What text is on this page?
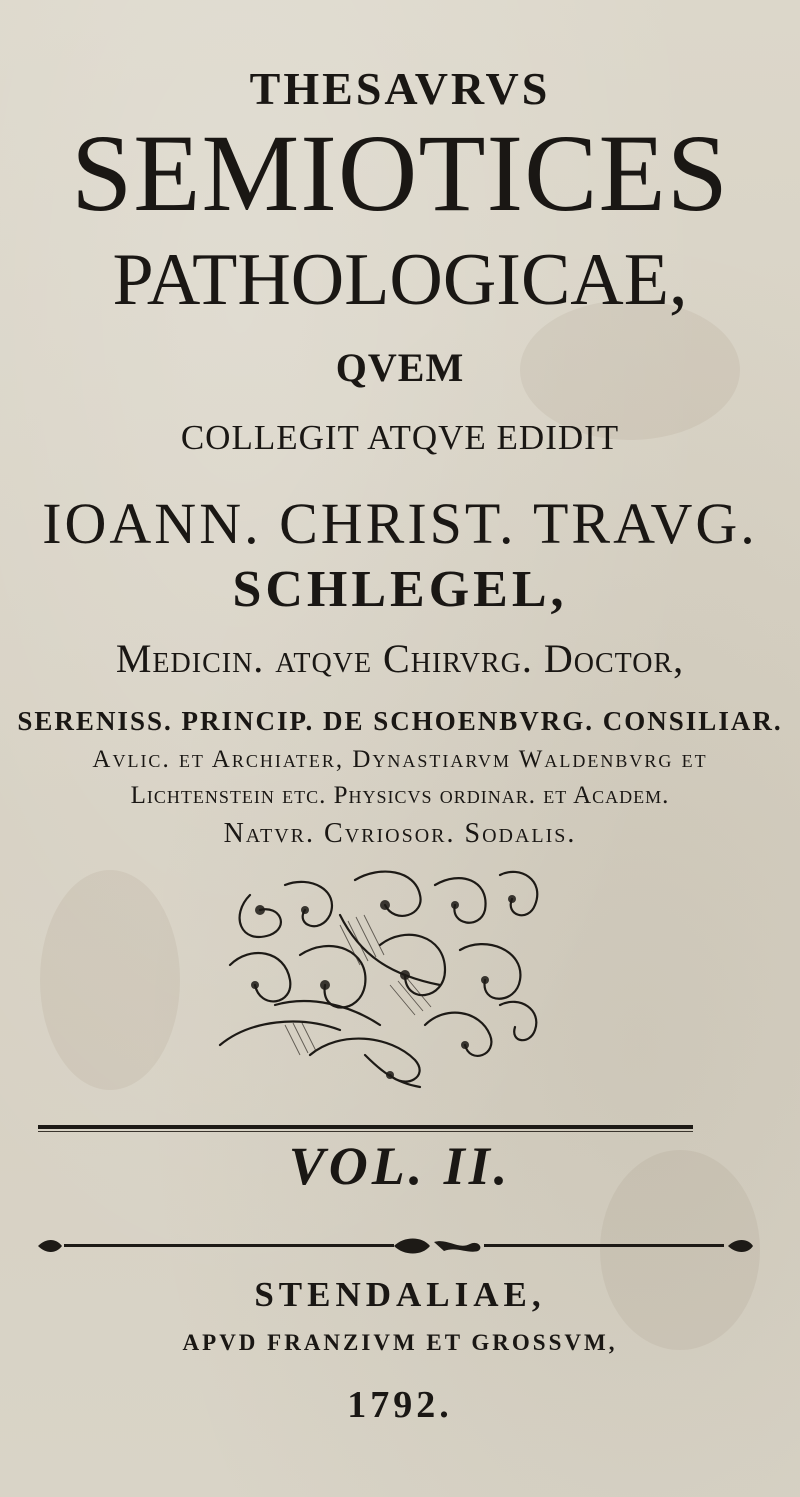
THESAVRVS
SEMIOTICES
PATHOLOGICAE,
QVEM
COLLEGIT ATQVE EDIDIT
IOANN. CHRIST. TRAVG.
SCHLEGEL,
Medicin. atqve Chirvrg. Doctor,
SERENISS. PRINCIP. DE SCHOENBVRG. CONSILIAR.
Avlic. et Archiater, Dynastiarvm Waldenbvrg et
Lichtenstein etc. Physicvs ordinar. et Academ.
Natvr. Cvriosor. Sodalis.
VOL. II.
STENDALIAE,
APVD FRANZIVM ET GROSSVM,
1792.
